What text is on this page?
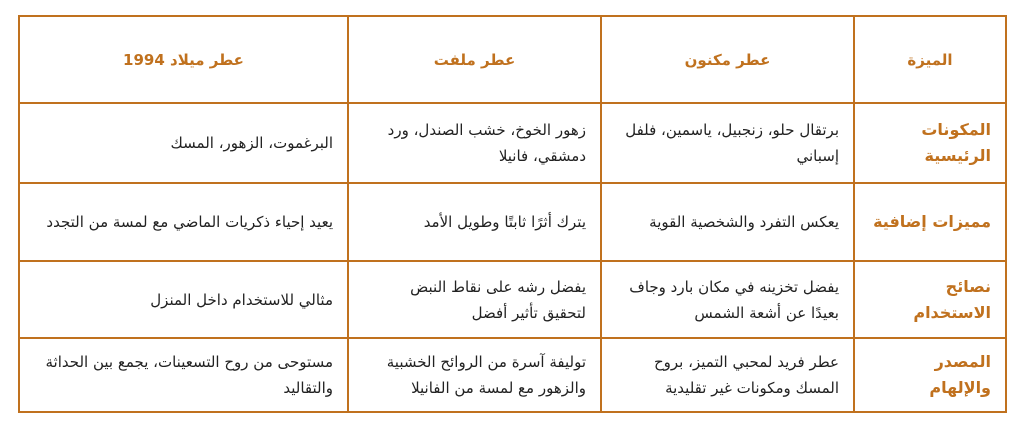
الميزة	عطر مكنون	عطر ملفت	عطر ميلاد 1994
المكونات الرئيسية	برتقال حلو، زنجبيل، ياسمين، فلفل إسباني	زهور الخوخ، خشب الصندل، ورد دمشقي، فانيلا	البرغموت، الزهور، المسك
مميزات إضافية	يعكس التفرد والشخصية القوية	يترك أثرًا ثابتًا وطويل الأمد	يعيد إحياء ذكريات الماضي مع لمسة من التجدد
نصائح الاستخدام	يفضل تخزينه في مكان بارد وجاف بعيدًا عن أشعة الشمس	يفضل رشه على نقاط النبض لتحقيق تأثير أفضل	مثالي للاستخدام داخل المنزل
المصدر والإلهام	عطر فريد لمحبي التميز، بروح المسك ومكونات غير تقليدية	توليفة آسرة من الروائح الخشبية والزهور مع لمسة من الفانيلا	مستوحى من روح التسعينات، يجمع بين الحداثة والتقاليد
